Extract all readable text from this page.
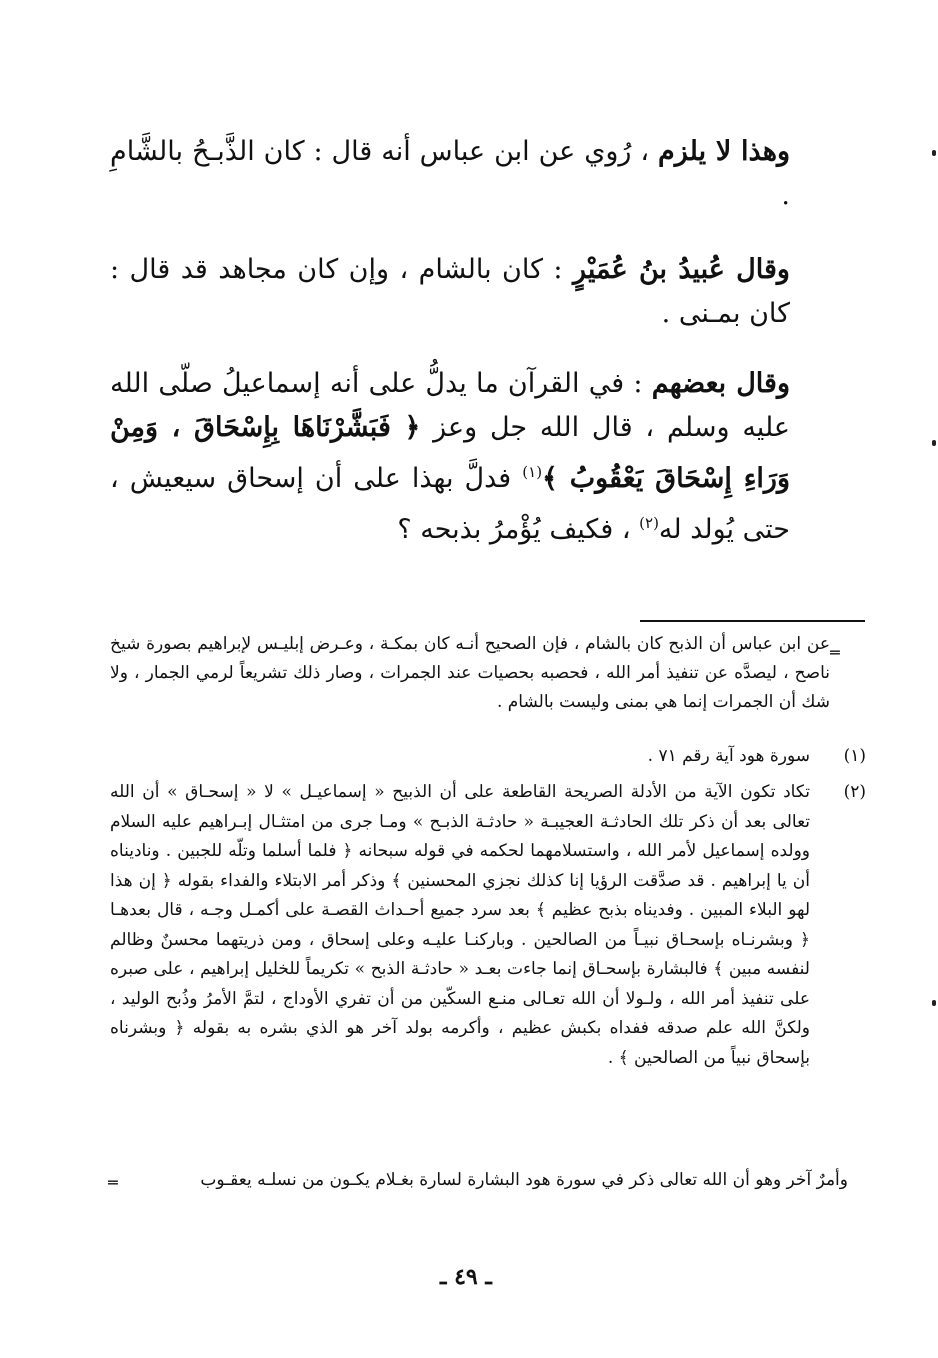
وهذا لا يلزم ، رُوي عن ابن عباس أنه قال : كان الذَّبـحُ بالشَّامِ .
وقال عُبيدُ بنُ عُمَيْرٍ : كان بالشام ، وإن كان مجاهد قد قال : كان بمـنى .
وقال بعضهم : في القرآن ما يدلُّ على أنه إسماعيلُ صلّى الله عليه وسلم ، قال الله جل وعز ﴿ فَبَشَّرْنَاهَا بِإِسْحَاقَ ، وَمِنْ وَرَاءِ إِسْحَاقَ يَعْقُوبُ ﴾$^{(١)}$ فدلَّ بهذا على أن إسحاق سيعيش ، حتى يُولد له$^{(٢)}$ ، فكيف يُؤْمرُ بذبحه ؟
═
عن ابن عباس أن الذبح كان بالشام ، فإن الصحيح أنـه كان بمكـة ، وعـرض إبليـس لإبراهيم بصورة شيخ ناصح ، ليصدَّه عن تنفيذ أمر الله ، فحصبه بحصيات عند الجمرات ، وصار ذلك تشريعاً لرمي الجمار ، ولا شك أن الجمرات إنما هي بمنى وليست بالشام .
(١)
سورة هود آية رقم ٧١ .
(٢)
تكاد تكون الآية من الأدلة الصريحة القاطعة على أن الذبيح « إسماعيـل » لا « إسحـاق » أن الله تعالى بعد أن ذكر تلك الحادثـة العجيبـة « حادثـة الذبـح » ومـا جرى من امتثـال إبـراهيم عليه السلام وولده إسماعيل لأمر الله ، واستسلامهما لحكمه في قوله سبحانه ﴿ فلما أسلما وتلّه للجبين . وناديناه أن يا إبراهيم . قد صدَّقت الرؤيا إنا كذلك نجزي المحسنين ﴾ وذكر أمر الابتلاء والفداء بقوله ﴿ إن هذا لهو البلاء المبين . وفديناه بذبح عظيم ﴾ بعد سرد جميع أحـداث القصـة على أكمـل وجـه ، قال بعدهـا ﴿ وبشرنـاه بإسحـاق نبيـاً من الصالحين . وباركنـا عليـه وعلى إسحاق ، ومن ذريتهما محسنٌ وظالم لنفسه مبين ﴾ فالبشارة بإسحـاق إنما جاءت بعـد « حادثـة الذبح » تكريماً للخليل إبراهيم ، على صبره على تنفيذ أمر الله ، ولـولا أن الله تعـالى منـع السكّين من أن تفري الأوداج ، لتمَّ الأمرُ وذُبح الوليد ، ولكنَّ الله علم صدقه ففداه بكبش عظيم ، وأكرمه بولد آخر هو الذي بشره به بقوله ﴿ وبشرناه بإسحاق نبياً من الصالحين ﴾ .
وأمرٌ آخر وهو أن الله تعالى ذكر في سورة هود البشارة لسارة بغـلام يكـون من نسلـه يعقـوب
═
ـ ٤٩ ـ
